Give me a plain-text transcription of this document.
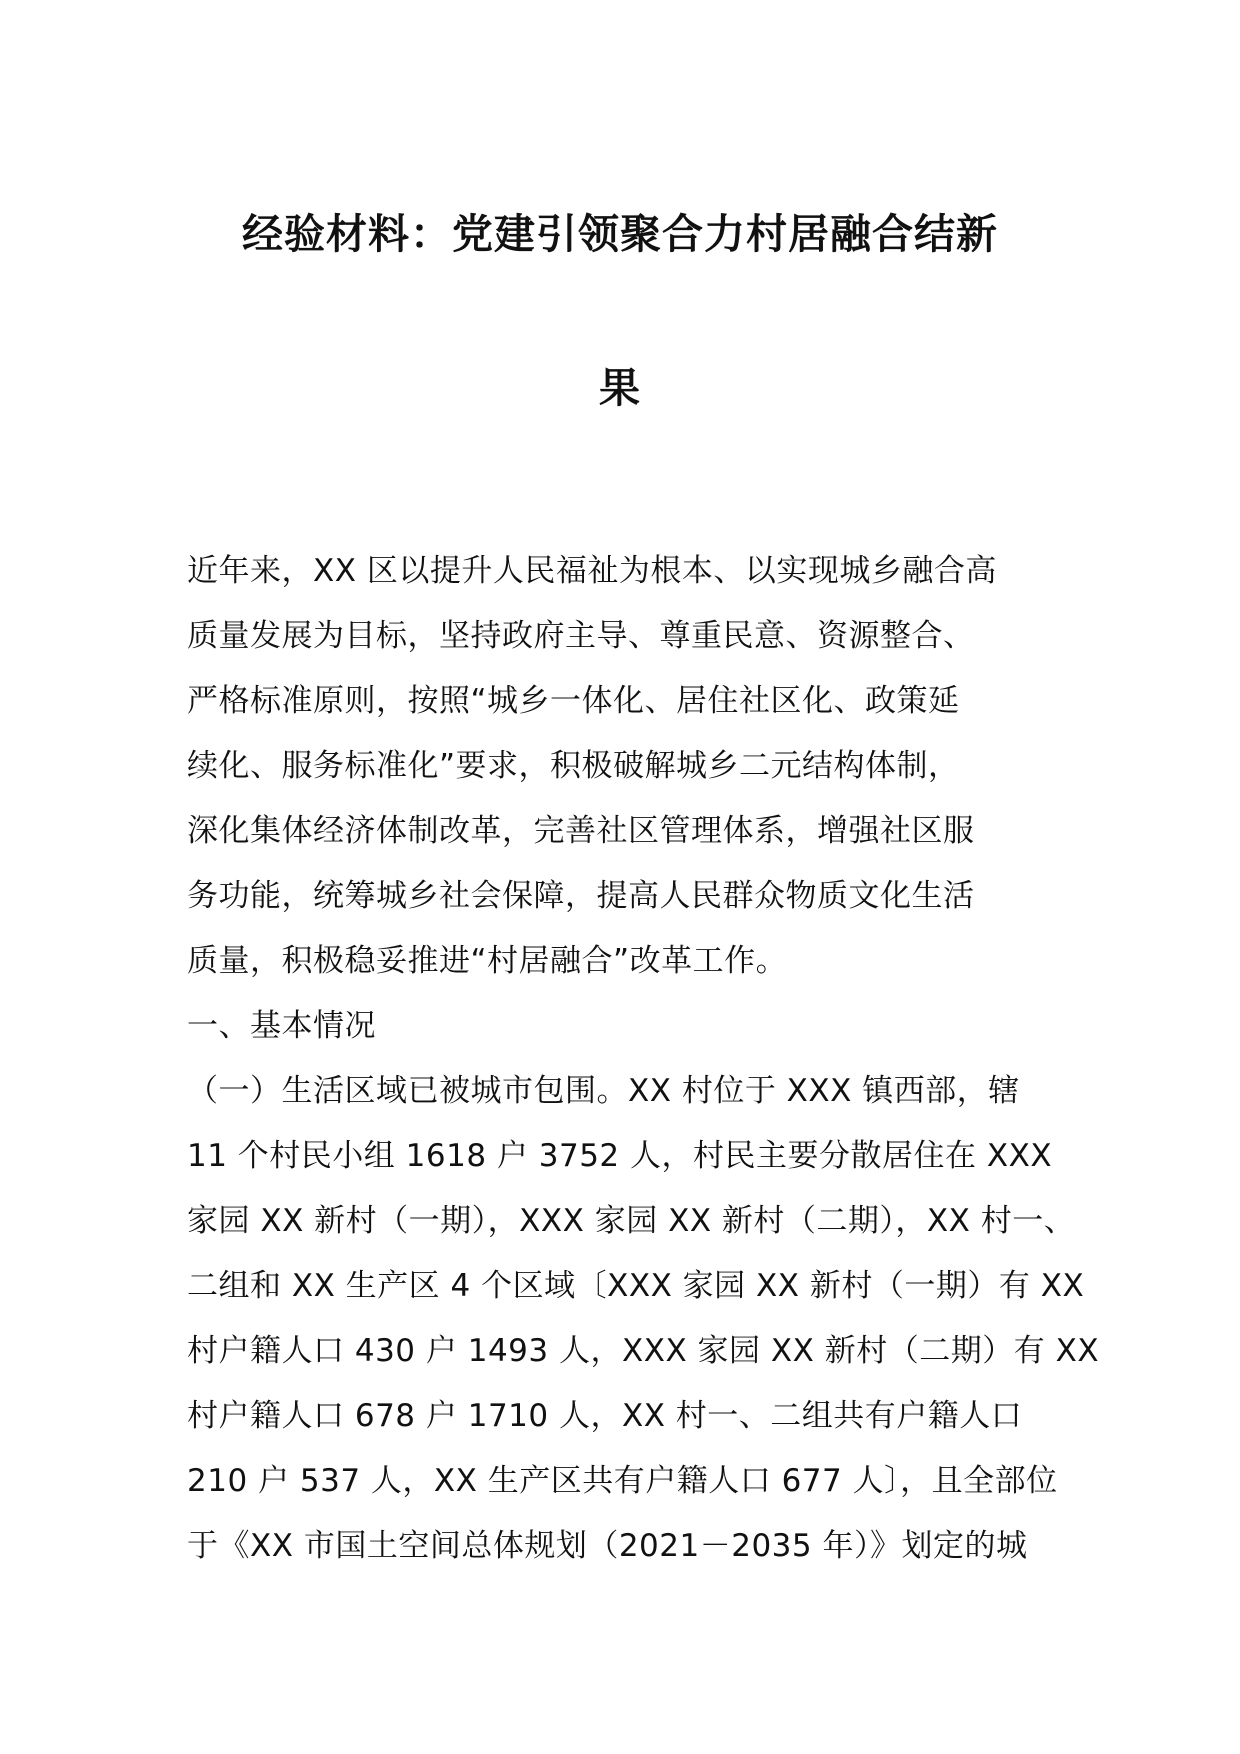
经验材料：党建引领聚合力村居融合结新
果
近年来，XX 区以提升人民福祉为根本、以实现城乡融合高
质量发展为目标，坚持政府主导、尊重民意、资源整合、
严格标准原则，按照“城乡一体化、居住社区化、政策延
续化、服务标准化”要求，积极破解城乡二元结构体制，
深化集体经济体制改革，完善社区管理体系，增强社区服
务功能，统筹城乡社会保障，提高人民群众物质文化生活
质量，积极稳妥推进“村居融合”改革工作。
一、基本情况
（一）生活区域已被城市包围。XX 村位于 XXX 镇西部，辖
11 个村民小组 1618 户 3752 人，村民主要分散居住在 XXX
家园 XX 新村（一期），XXX 家园 XX 新村（二期），XX 村一、
二组和 XX 生产区 4 个区域〔XXX 家园 XX 新村（一期）有 XX
村户籍人口 430 户 1493 人，XXX 家园 XX 新村（二期）有 XX
村户籍人口 678 户 1710 人，XX 村一、二组共有户籍人口
210 户 537 人，XX 生产区共有户籍人口 677 人〕，且全部位
于《XX 市国土空间总体规划（2021－2035 年）》划定的城
